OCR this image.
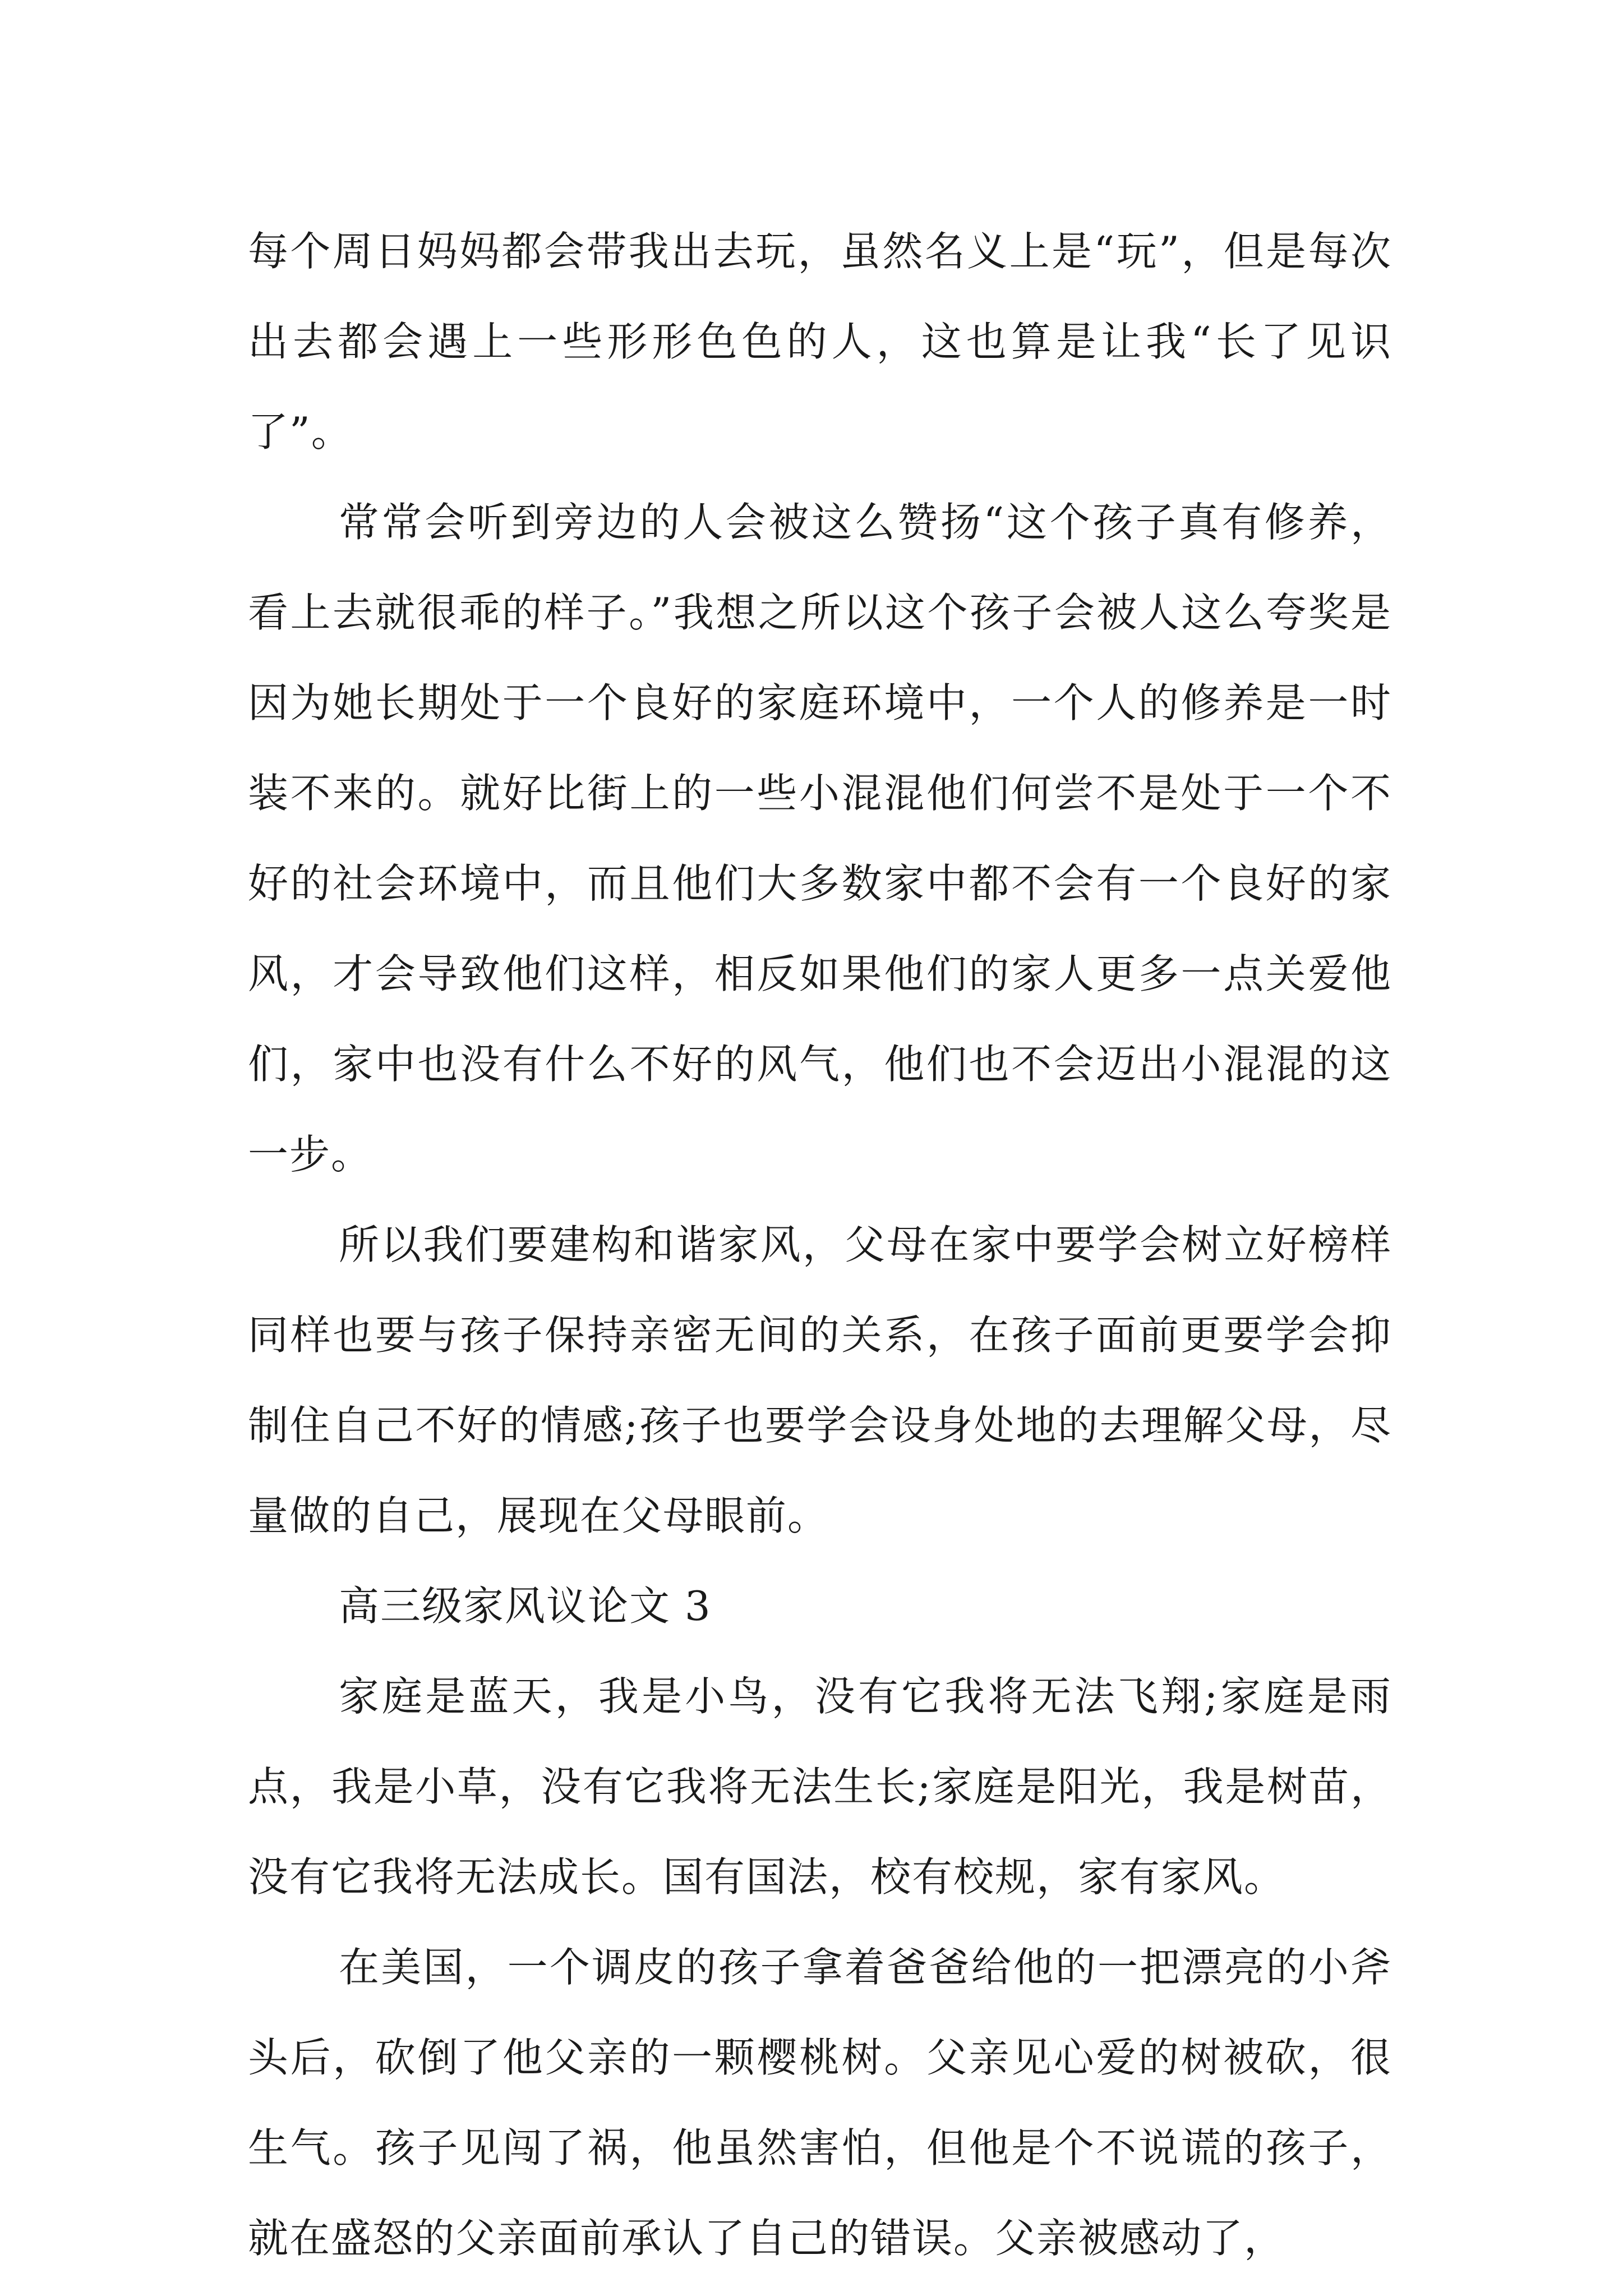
每个周日妈妈都会带我出去玩，虽然名义上是“玩”，但是每次出去都会遇上一些形形色色的人，这也算是让我“长了见识了”。

常常会听到旁边的人会被这么赞扬“这个孩子真有修养，看上去就很乖的样子。”我想之所以这个孩子会被人这么夸奖是因为她长期处于一个良好的家庭环境中，一个人的修养是一时装不来的。就好比街上的一些小混混他们何尝不是处于一个不好的社会环境中，而且他们大多数家中都不会有一个良好的家风，才会导致他们这样，相反如果他们的家人更多一点关爱他们，家中也没有什么不好的风气，他们也不会迈出小混混的这一步。

所以我们要建构和谐家风，父母在家中要学会树立好榜样同样也要与孩子保持亲密无间的关系，在孩子面前更要学会抑制住自己不好的情感;孩子也要学会设身处地的去理解父母，尽量做的自己，展现在父母眼前。

高三级家风议论文 3

家庭是蓝天，我是小鸟，没有它我将无法飞翔;家庭是雨点，我是小草，没有它我将无法生长;家庭是阳光，我是树苗，没有它我将无法成长。国有国法，校有校规，家有家风。

在美国，一个调皮的孩子拿着爸爸给他的一把漂亮的小斧头后，砍倒了他父亲的一颗樱桃树。父亲见心爱的树被砍，很生气。孩子见闯了祸，他虽然害怕，但他是个不说谎的孩子，就在盛怒的父亲面前承认了自己的错误。父亲被感动了，
